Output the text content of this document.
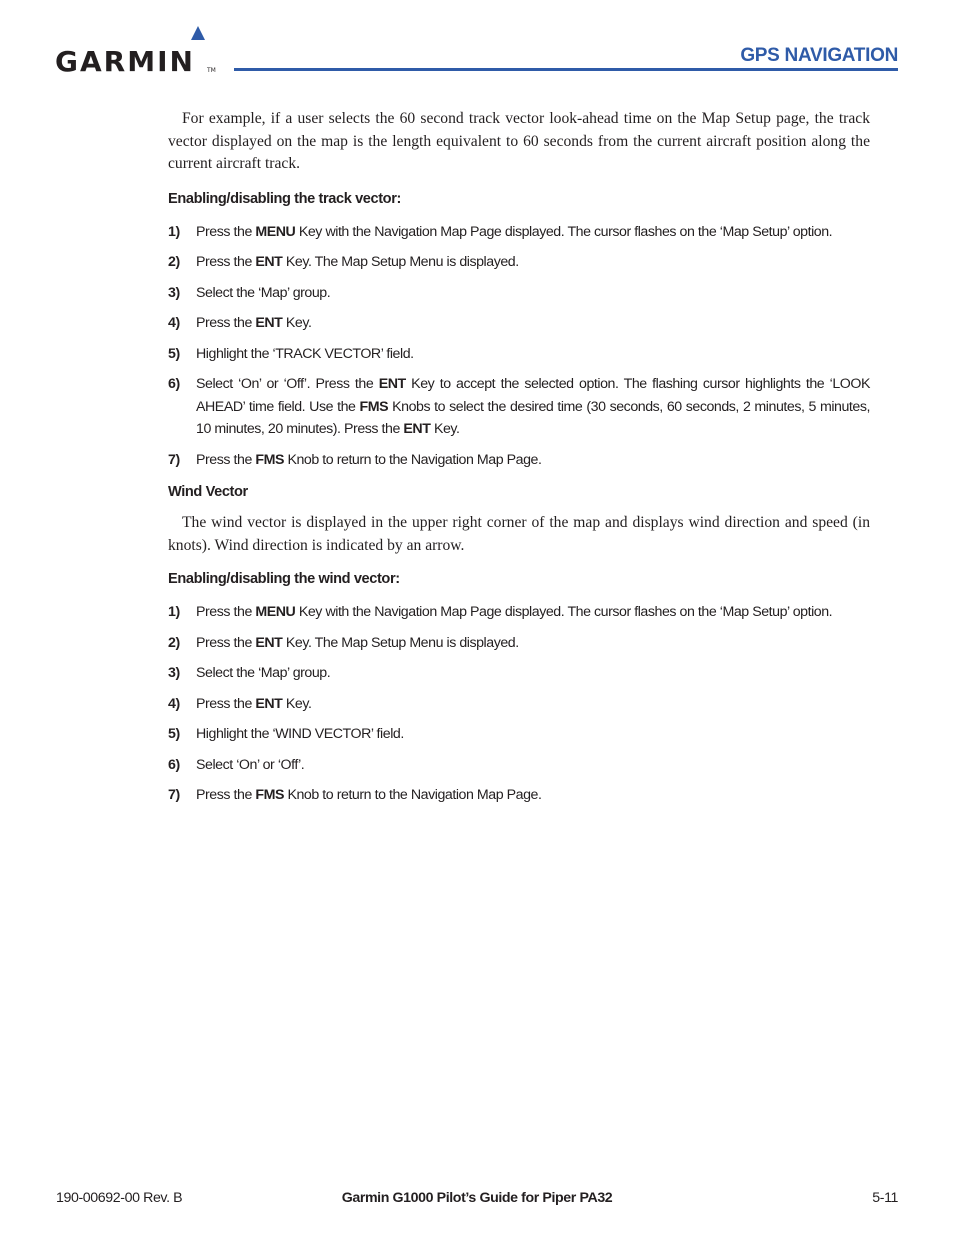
GARMIN TM
GPS NAVIGATION

For example, if a user selects the 60 second track vector look-ahead time on the Map Setup page, the track vector displayed on the map is the length equivalent to 60 seconds from the current aircraft position along the current aircraft track.

Enabling/disabling the track vector:

1) Press the MENU Key with the Navigation Map Page displayed. The cursor flashes on the ‘Map Setup’ option.
2) Press the ENT Key. The Map Setup Menu is displayed.
3) Select the ‘Map’ group.
4) Press the ENT Key.
5) Highlight the ‘TRACK VECTOR’ field.
6) Select ‘On’ or ‘Off’. Press the ENT Key to accept the selected option. The flashing cursor highlights the ‘LOOK AHEAD’ time field. Use the FMS Knobs to select the desired time (30 seconds, 60 seconds, 2 minutes, 5 minutes, 10 minutes, 20 minutes). Press the ENT Key.
7) Press the FMS Knob to return to the Navigation Map Page.

Wind Vector

The wind vector is displayed in the upper right corner of the map and displays wind direction and speed (in knots). Wind direction is indicated by an arrow.

Enabling/disabling the wind vector:

1) Press the MENU Key with the Navigation Map Page displayed. The cursor flashes on the ‘Map Setup’ option.
2) Press the ENT Key. The Map Setup Menu is displayed.
3) Select the ‘Map’ group.
4) Press the ENT Key.
5) Highlight the ‘WIND VECTOR’ field.
6) Select ‘On’ or ‘Off’.
7) Press the FMS Knob to return to the Navigation Map Page.
190-00692-00 Rev. B	Garmin G1000 Pilot’s Guide for Piper PA32	5-11
